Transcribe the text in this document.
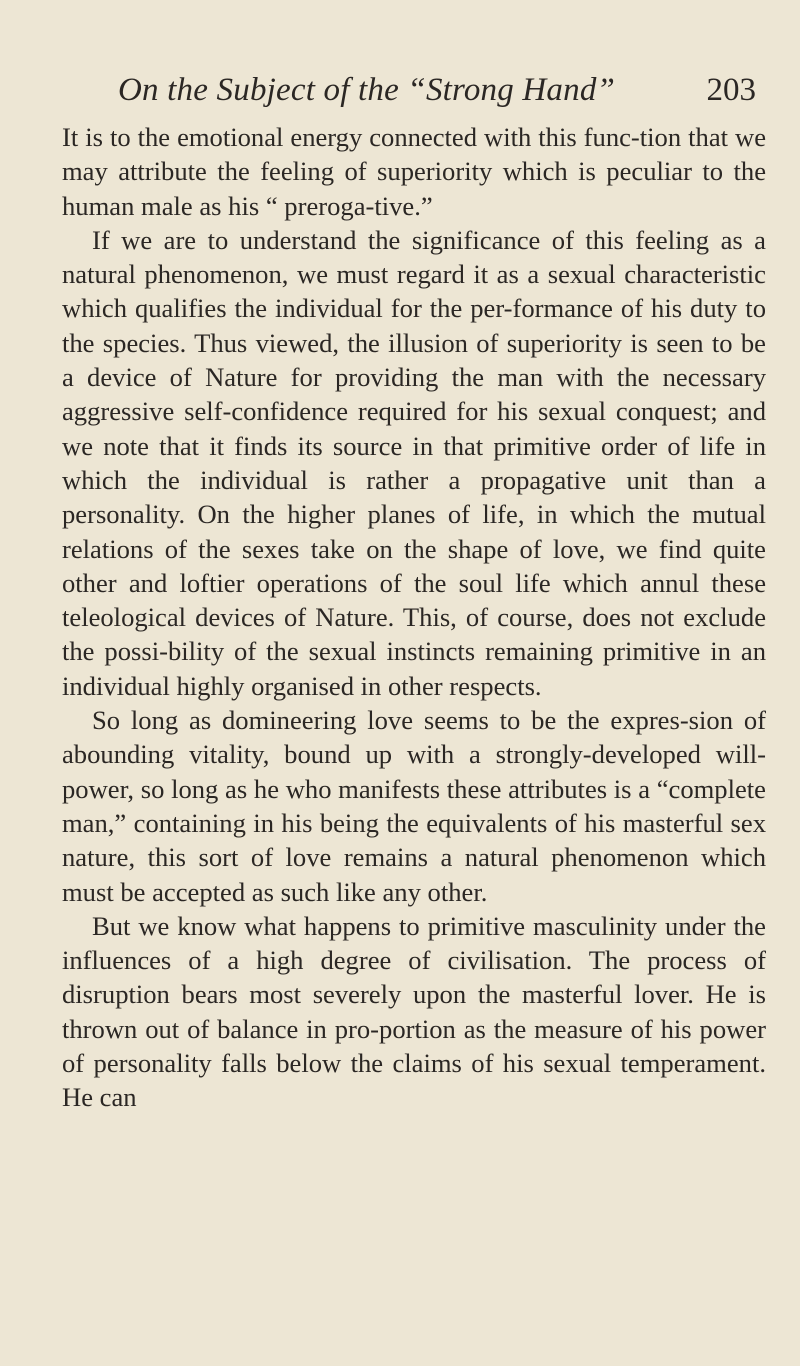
On the Subject of the “Strong Hand”	203

It is to the emotional energy connected with this func-tion that we may attribute the feeling of superiority which is peculiar to the human male as his “ preroga-tive.”

If we are to understand the significance of this feeling as a natural phenomenon, we must regard it as a sexual characteristic which qualifies the individual for the per-formance of his duty to the species. Thus viewed, the illusion of superiority is seen to be a device of Nature for providing the man with the necessary aggressive self-confidence required for his sexual conquest; and we note that it finds its source in that primitive order of life in which the individual is rather a propagative unit than a personality. On the higher planes of life, in which the mutual relations of the sexes take on the shape of love, we find quite other and loftier operations of the soul life which annul these teleological devices of Nature. This, of course, does not exclude the possi-bility of the sexual instincts remaining primitive in an individual highly organised in other respects.

So long as domineering love seems to be the expres-sion of abounding vitality, bound up with a strongly-developed will-power, so long as he who manifests these attributes is a “complete man,” containing in his being the equivalents of his masterful sex nature, this sort of love remains a natural phenomenon which must be accepted as such like any other.

But we know what happens to primitive masculinity under the influences of a high degree of civilisation. The process of disruption bears most severely upon the masterful lover. He is thrown out of balance in pro-portion as the measure of his power of personality falls below the claims of his sexual temperament. He can
